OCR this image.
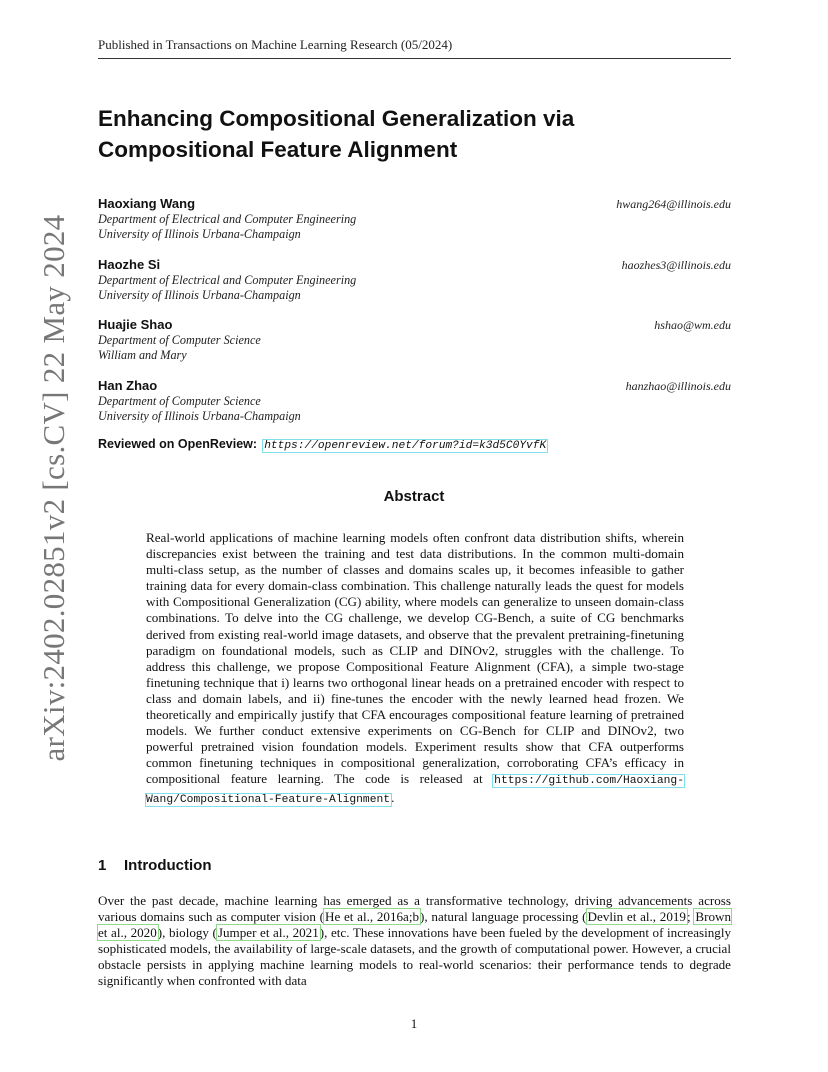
Published in Transactions on Machine Learning Research (05/2024)
arXiv:2402.02851v2 [cs.CV] 22 May 2024
Enhancing Compositional Generalization via Compositional Feature Alignment
Haoxiang Wang	hwang264@illinois.edu
Department of Electrical and Computer Engineering
University of Illinois Urbana-Champaign
Haozhe Si	haozhes3@illinois.edu
Department of Electrical and Computer Engineering
University of Illinois Urbana-Champaign
Huajie Shao	hshao@wm.edu
Department of Computer Science
William and Mary
Han Zhao	hanzhao@illinois.edu
Department of Computer Science
University of Illinois Urbana-Champaign
Reviewed on OpenReview: https://openreview.net/forum?id=k3d5C0YvfK
Abstract
Real-world applications of machine learning models often confront data distribution shifts, wherein discrepancies exist between the training and test data distributions. In the common multi-domain multi-class setup, as the number of classes and domains scales up, it becomes infeasible to gather training data for every domain-class combination. This challenge naturally leads the quest for models with Compositional Generalization (CG) ability, where models can generalize to unseen domain-class combinations. To delve into the CG challenge, we develop CG-Bench, a suite of CG benchmarks derived from existing real-world image datasets, and observe that the prevalent pretraining-finetuning paradigm on foundational models, such as CLIP and DINOv2, struggles with the challenge. To address this challenge, we propose Compositional Feature Alignment (CFA), a simple two-stage finetuning technique that i) learns two orthogonal linear heads on a pretrained encoder with respect to class and domain labels, and ii) fine-tunes the encoder with the newly learned head frozen. We theoretically and empirically justify that CFA encourages compositional feature learning of pretrained models. We further conduct extensive experiments on CG-Bench for CLIP and DINOv2, two powerful pretrained vision foundation models. Experiment results show that CFA outperforms common finetuning techniques in compositional generalization, corroborating CFA’s efficacy in compositional feature learning. The code is released at https://github.com/Haoxiang-Wang/Compositional-Feature-Alignment.
1 Introduction
Over the past decade, machine learning has emerged as a transformative technology, driving advancements across various domains such as computer vision (He et al., 2016a;b), natural language processing (Devlin et al., 2019; Brown et al., 2020), biology (Jumper et al., 2021), etc. These innovations have been fueled by the development of increasingly sophisticated models, the availability of large-scale datasets, and the growth of computational power. However, a crucial obstacle persists in applying machine learning models to real-world scenarios: their performance tends to degrade significantly when confronted with data
1
